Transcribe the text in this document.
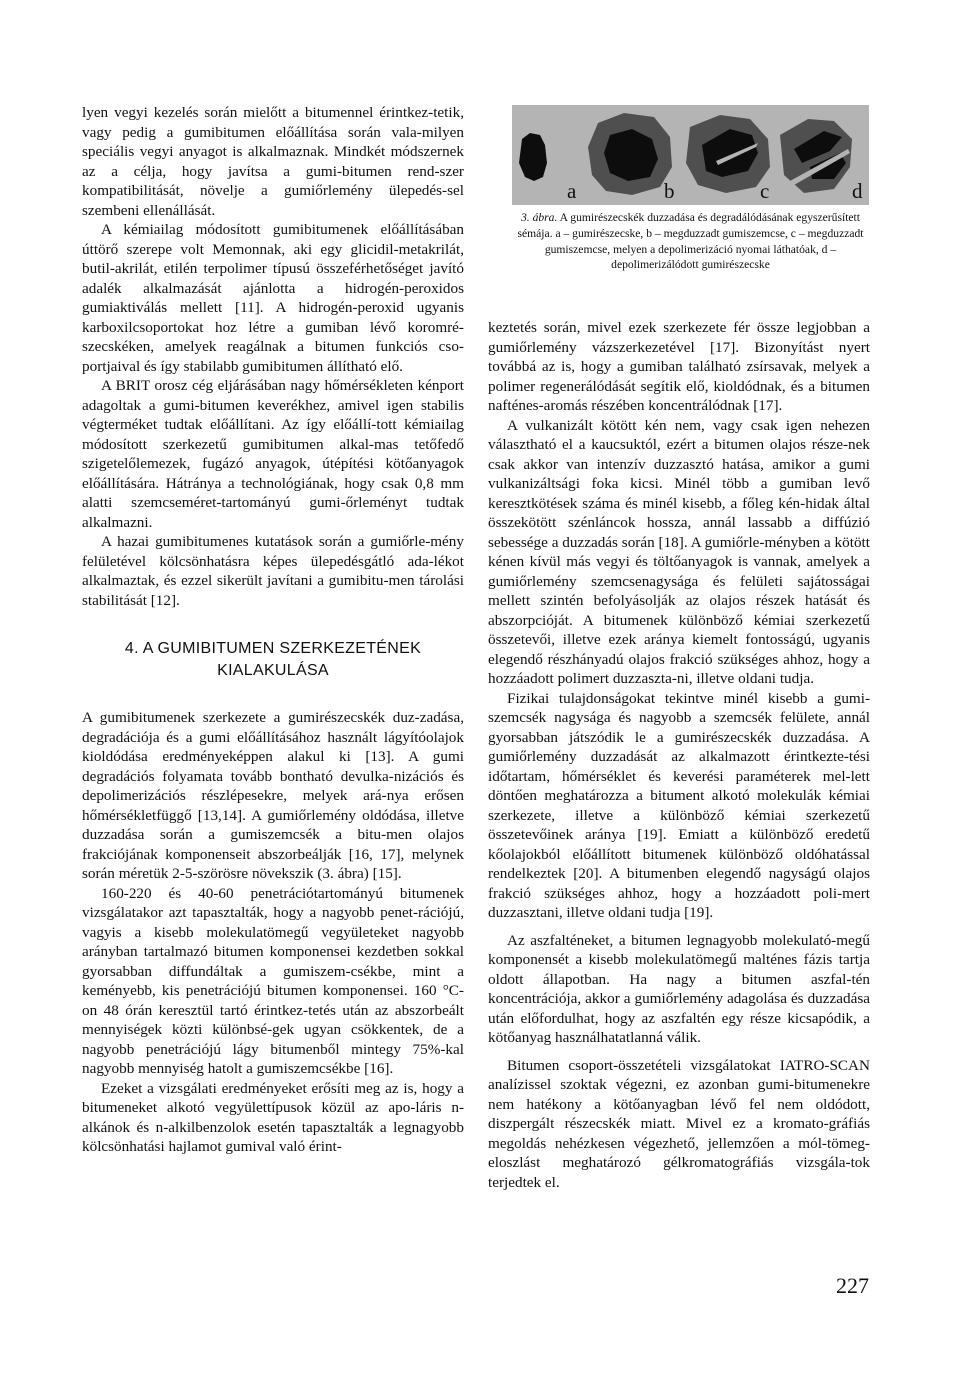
lyen vegyi kezelés során mielőtt a bitumennel érintkez-tetik, vagy pedig a gumibitumen előállítása során vala-milyen speciális vegyi anyagot is alkalmaznak. Mindkét módszernek az a célja, hogy javítsa a gumi-bitumen rend-szer kompatibilitását, növelje a gumiőrlemény ülepedés-sel szembeni ellenállását.

A kémiailag módosított gumibitumenek előállításában úttörő szerepe volt Memonnak, aki egy glicidil-metakrilát, butil-akrilát, etilén terpolimer típusú összeférhetőséget javító adalék alkalmazását ajánlotta a hidrogén-peroxidos gumiaktiválás mellett [11]. A hidrogén-peroxid ugyanis karboxilcsoportokat hoz létre a gumiban lévő koromré-szecskéken, amelyek reagálnak a bitumen funkciós cso-portjaival és így stabilabb gumibitumen állítható elő.

A BRIT orosz cég eljárásában nagy hőmérsékleten kénport adagoltak a gumi-bitumen keverékhez, amivel igen stabilis végterméket tudtak előállítani. Az így előállí-tott kémiailag módosított szerkezetű gumibitumen alkal-mas tetőfedő szigetelőlemezek, fugázó anyagok, útépítési kötőanyagok előállítására. Hátránya a technológiának, hogy csak 0,8 mm alatti szemcseméret-tartományú gumi-őrleményt tudtak alkalmazni.

A hazai gumibitumenes kutatások során a gumiőrle-mény felületével kölcsönhatásra képes ülepedésgátló ada-lékot alkalmaztak, és ezzel sikerült javítani a gumibitu-men tárolási stabilitását [12].

4. A GUMIBITUMEN SZERKEZETÉNEK
KIALAKULÁSA

A gumibitumenek szerkezete a gumirészecskék duz-zadása, degradációja és a gumi előállításához használt lágyítóolajok kioldódása eredményeképpen alakul ki [13]. A gumi degradációs folyamata tovább bontható devulka-nizációs és depolimerizációs részlépesekre, melyek ará-nya erősen hőmérsékletfüggő [13,14]. A gumiőrlemény oldódása, illetve duzzadása során a gumiszemcsék a bitu-men olajos frakciójának komponenseit abszorbeálják [16, 17], melynek során méretük 2-5-szörösre növekszik (3. ábra) [15].

160-220 és 40-60 penetrációtartományú bitumenek vizsgálatakor azt tapasztalták, hogy a nagyobb penet-rációjú, vagyis a kisebb molekulatömegű vegyületeket nagyobb arányban tartalmazó bitumen komponensei kezdetben sokkal gyorsabban diffundáltak a gumiszem-csékbe, mint a keményebb, kis penetrációjú bitumen komponensei. 160 °C-on 48 órán keresztül tartó érintkez-tetés után az abszorbeált mennyiségek közti különbsé-gek ugyan csökkentek, de a nagyobb penetrációjú lágy bitumenből mintegy 75%-kal nagyobb mennyiség hatolt a gumiszemcsékbe [16].

Ezeket a vizsgálati eredményeket erősíti meg az is, hogy a bitumeneket alkotó vegyülettípusok közül az apo-láris n-alkánok és n-alkilbenzolok esetén tapasztalták a legnagyobb kölcsönhatási hajlamot gumival való érint-

a	b	c	d
3. ábra. A gumirészecskék duzzadása és degradálódásának egyszerűsített sémája. a – gumirészecske, b – megduzzadt gumiszemcse, c – megduzzadt gumiszemcse, melyen a depolimerizáció nyomai láthatóak, d – depolimerizálódott gumirészecske

keztetés során, mivel ezek szerkezete fér össze legjobban a gumiőrlemény vázszerkezetével [17]. Bizonyítást nyert továbbá az is, hogy a gumiban található zsírsavak, melyek a polimer regenerálódását segítik elő, kioldódnak, és a bitumen nafténes-aromás részében koncentrálódnak [17].

A vulkanizált kötött kén nem, vagy csak igen nehezen választható el a kaucsuktól, ezért a bitumen olajos része-nek csak akkor van intenzív duzzasztó hatása, amikor a gumi vulkanizáltsági foka kicsi. Minél több a gumiban levő keresztkötések száma és minél kisebb, a főleg kén-hidak által összekötött szénláncok hossza, annál lassabb a diffúzió sebessége a duzzadás során [18]. A gumiőrle-ményben a kötött kénen kívül más vegyi és töltőanyagok is vannak, amelyek a gumiőrlemény szemcsenagysága és felületi sajátosságai mellett szintén befolyásolják az olajos részek hatását és abszorpcióját. A bitumenek különböző kémiai szerkezetű összetevői, illetve ezek aránya kiemelt fontosságú, ugyanis elegendő részhányadú olajos frakció szükséges ahhoz, hogy a hozzáadott polimert duzzaszta-ni, illetve oldani tudja.

Fizikai tulajdonságokat tekintve minél kisebb a gumi-szemcsék nagysága és nagyobb a szemcsék felülete, annál gyorsabban játszódik le a gumirészecskék duzzadása. A gumiőrlemény duzzadását az alkalmazott érintkezte-tési időtartam, hőmérséklet és keverési paraméterek mel-lett döntően meghatározza a bitument alkotó molekulák kémiai szerkezete, illetve a különböző kémiai szerkezetű összetevőinek aránya [19]. Emiatt a különböző eredetű kőolajokból előállított bitumenek különböző oldóhatással rendelkeztek [20]. A bitumenben elegendő nagyságú olajos frakció szükséges ahhoz, hogy a hozzáadott poli-mert duzzasztani, illetve oldani tudja [19].

Az aszfalténeket, a bitumen legnagyobb molekulató-megű komponensét a kisebb molekulatömegű malténes fázis tartja oldott állapotban. Ha nagy a bitumen aszfal-tén koncentrációja, akkor a gumiőrlemény adagolása és duzzadása után előfordulhat, hogy az aszfaltén egy része kicsapódik, a kötőanyag használhatatlanná válik.

Bitumen csoport-összetételi vizsgálatokat IATRO-SCAN analízissel szoktak végezni, ez azonban gumi-bitumenekre nem hatékony a kötőanyagban lévő fel nem oldódott, diszpergált részecskék miatt. Mivel ez a kromato-gráfiás megoldás nehézkesen végezhető, jellemzően a mól-tömeg-eloszlást meghatározó gélkromatográfiás vizsgála-tok terjedtek el.

227
